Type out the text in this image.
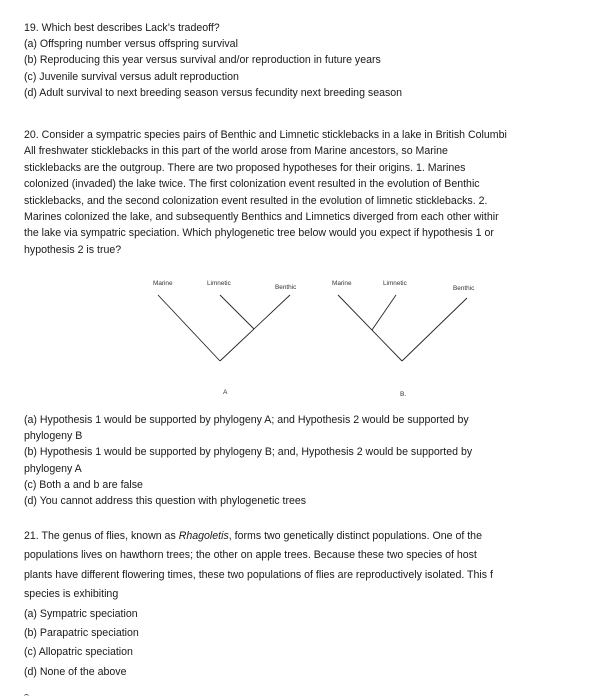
19. Which best describes Lack’s tradeoff?
(a) Offspring number versus offspring survival
(b) Reproducing this year versus survival and/or reproduction in future years
(c) Juvenile survival versus adult reproduction
(d) Adult survival to next breeding season versus fecundity next breeding season
20. Consider a sympatric species pairs of Benthic and Limnetic sticklebacks in a lake in British Columbi
All freshwater sticklebacks in this part of the world arose from Marine ancestors, so Marine
sticklebacks are the outgroup. There are two proposed hypotheses for their origins. 1. Marines
colonized (invaded) the lake twice. The first colonization event resulted in the evolution of Benthic
sticklebacks, and the second colonization event resulted in the evolution of limnetic sticklebacks. 2.
Marines colonized the lake, and subsequently Benthics and Limnetics diverged from each other withir
the lake via sympatric speciation. Which phylogenetic tree below would you expect if hypothesis 1 or
hypothesis 2 is true?
Marine	Limnetic
Benthic
A
Marine	Limnetic
Benthic
B.
(a) Hypothesis 1 would be supported by phylogeny A; and Hypothesis 2 would be supported by
phylogeny B
(b) Hypothesis 1 would be supported by phylogeny B; and, Hypothesis 2 would be supported by
phylogeny A
(c) Both a and b are false
(d) You cannot address this question with phylogenetic trees
21. The genus of flies, known as Rhagoletis, forms two genetically distinct populations. One of the
populations lives on hawthorn trees; the other on apple trees. Because these two species of host
plants have different flowering times, these two populations of flies are reproductively isolated. This f
species is exhibiting
(a) Sympatric speciation
(b) Parapatric speciation
(c) Allopatric speciation
(d) None of the above
